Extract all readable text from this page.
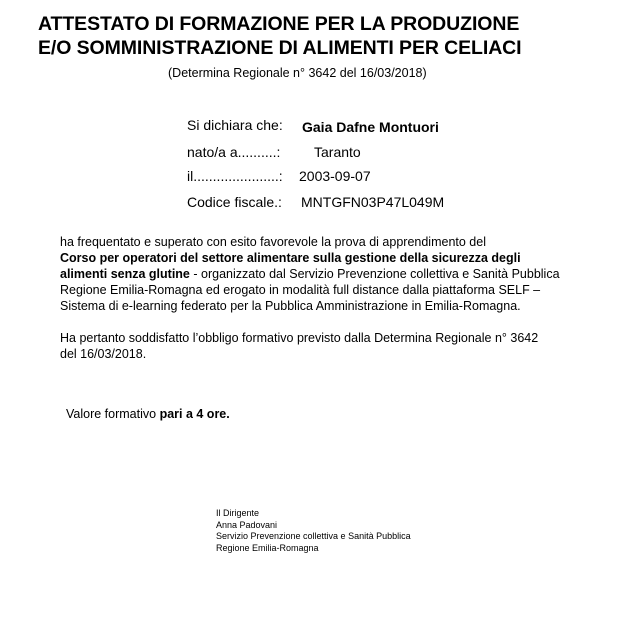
ATTESTATO DI FORMAZIONE PER LA PRODUZIONE
E/O SOMMINISTRAZIONE DI ALIMENTI PER CELIACI
(Determina Regionale n° 3642 del 16/03/2018)
Si dichiara che: Gaia Dafne Montuori
nato/a a..........: Taranto
il......................: 2003-09-07
Codice fiscale.: MNTGFN03P47L049M
ha frequentato e superato con esito favorevole la prova di apprendimento del
Corso per operatori del settore alimentare sulla gestione della sicurezza degli
alimenti senza glutine - organizzato dal Servizio Prevenzione collettiva e Sanità Pubblica
Regione Emilia-Romagna ed erogato in modalità full distance dalla piattaforma SELF –
Sistema di e-learning federato per la Pubblica Amministrazione in Emilia-Romagna.
Ha pertanto soddisfatto l’obbligo formativo previsto dalla Determina Regionale n° 3642
del 16/03/2018.
Valore formativo pari a 4 ore.
Il Dirigente
Anna Padovani
Servizio Prevenzione collettiva e Sanità Pubblica
Regione Emilia-Romagna
